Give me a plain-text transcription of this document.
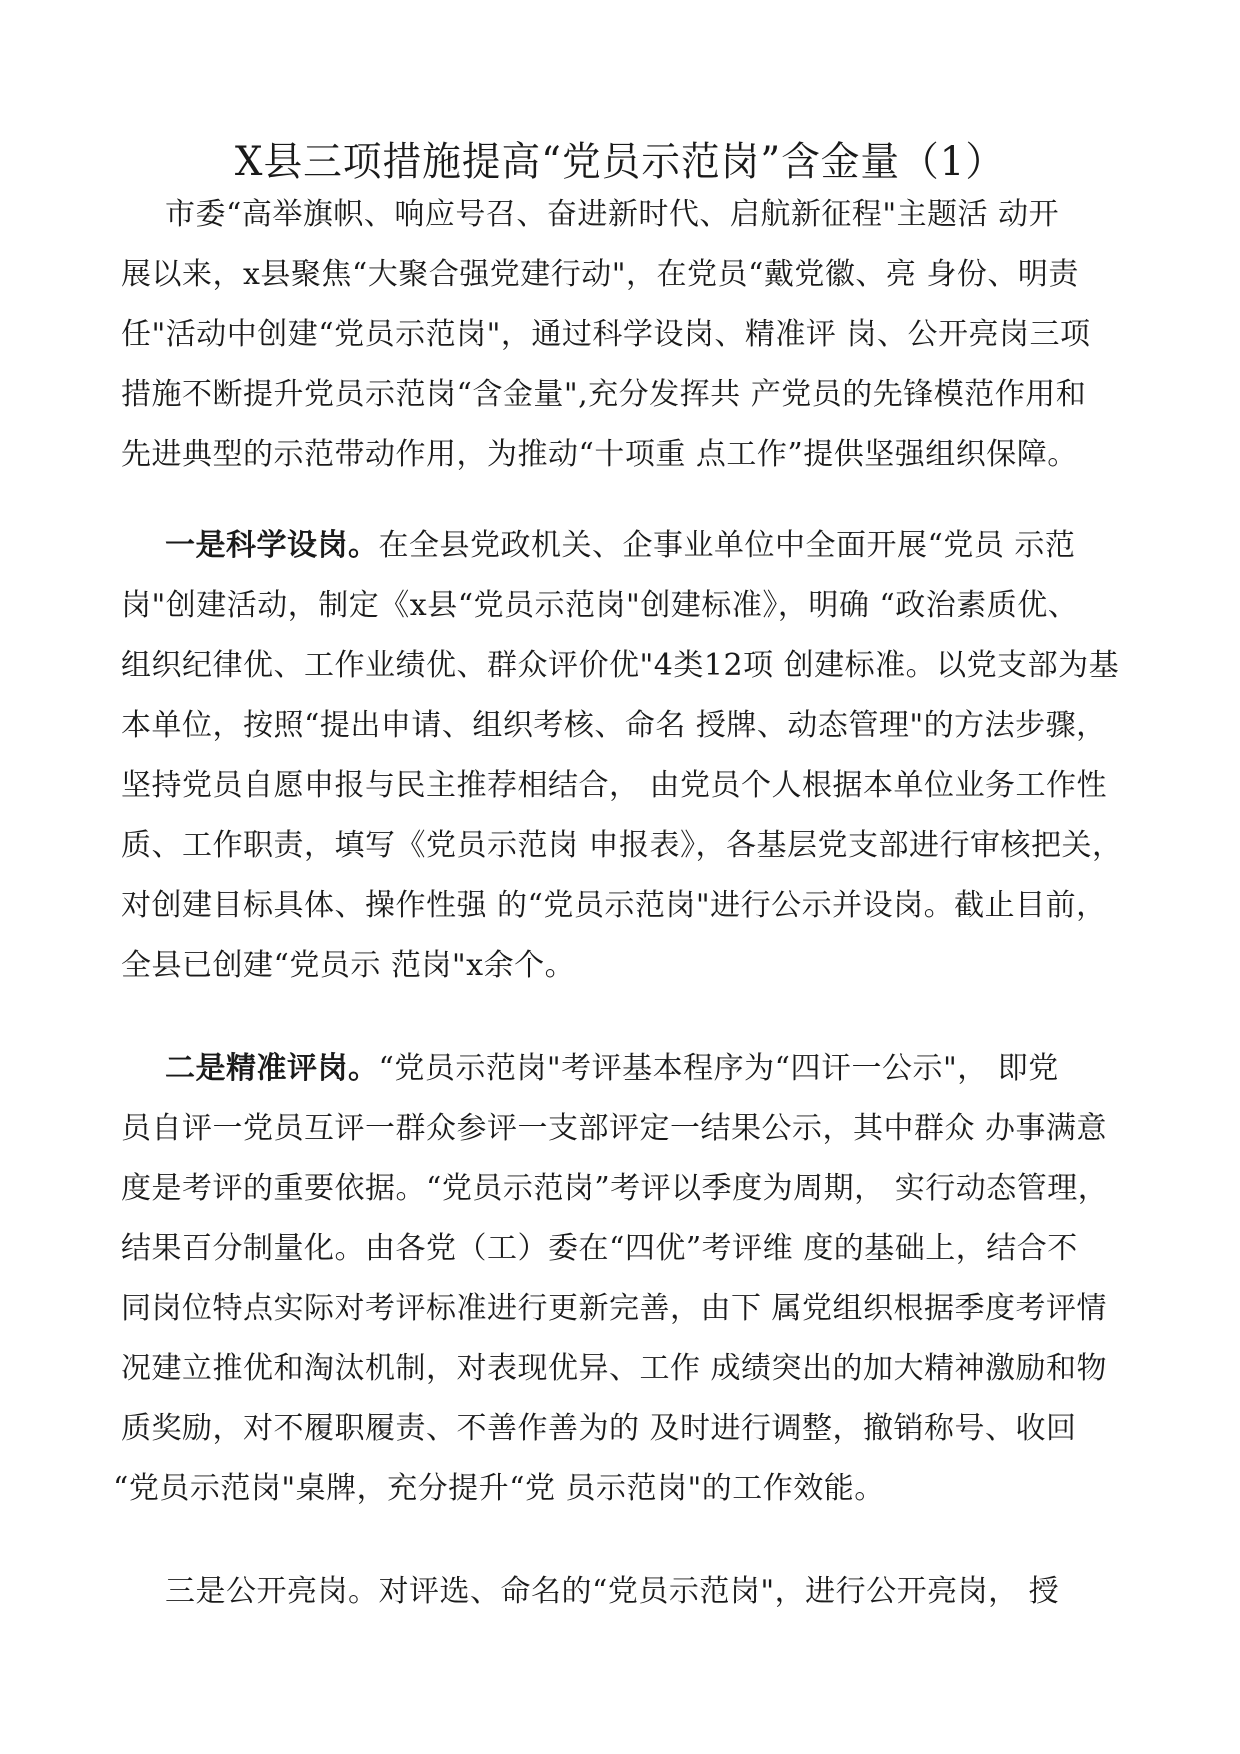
X县三项措施提高“党员示范岗”含金量（1）
市委“高举旗帜、响应号召、奋进新时代、启航新征程"主题活 动开
展以来，x县聚焦“大聚合强党建行动"，在党员“戴党徽、亮 身份、明责
任"活动中创建“党员示范岗"，通过科学设岗、精准评 岗、公开亮岗三项
措施不断提升党员示范岗“含金量",充分发挥共 产党员的先锋模范作用和
先进典型的示范带动作用，为推动“十项重 点工作”提供坚强组织保障。
一是科学设岗。在全县党政机关、企事业单位中全面开展“党员 示范
岗"创建活动，制定《x县“党员示范岗"创建标准》，明确 “政治素质优、
组织纪律优、工作业绩优、群众评价优"4类12项 创建标准。以党支部为基
本单位，按照“提出申请、组织考核、命名 授牌、动态管理"的方法步骤，
坚持党员自愿申报与民主推荐相结合， 由党员个人根据本单位业务工作性
质、工作职责，填写《党员示范岗 申报表》，各基层党支部进行审核把关，
对创建目标具体、操作性强 的“党员示范岗"进行公示并设岗。截止目前，
全县已创建“党员示 范岗"x余个。
二是精准评岗。“党员示范岗"考评基本程序为“四讦一公示"， 即党
员自评一党员互评一群众参评一支部评定一结果公示，其中群众 办事满意
度是考评的重要依据。“党员示范岗”考评以季度为周期， 实行动态管理，
结果百分制量化。由各党（工）委在“四优”考评维 度的基础上，结合不
同岗位特点实际对考评标准进行更新完善，由下 属党组织根据季度考评情
况建立推优和淘汰机制，对表现优异、工作 成绩突出的加大精神激励和物
质奖励，对不履职履责、不善作善为的 及时进行调整，撤销称号、收回
“党员示范岗"桌牌，充分提升“党 员示范岗"的工作效能。
三是公开亮岗。对评选、命名的“党员示范岗"，进行公开亮岗， 授
